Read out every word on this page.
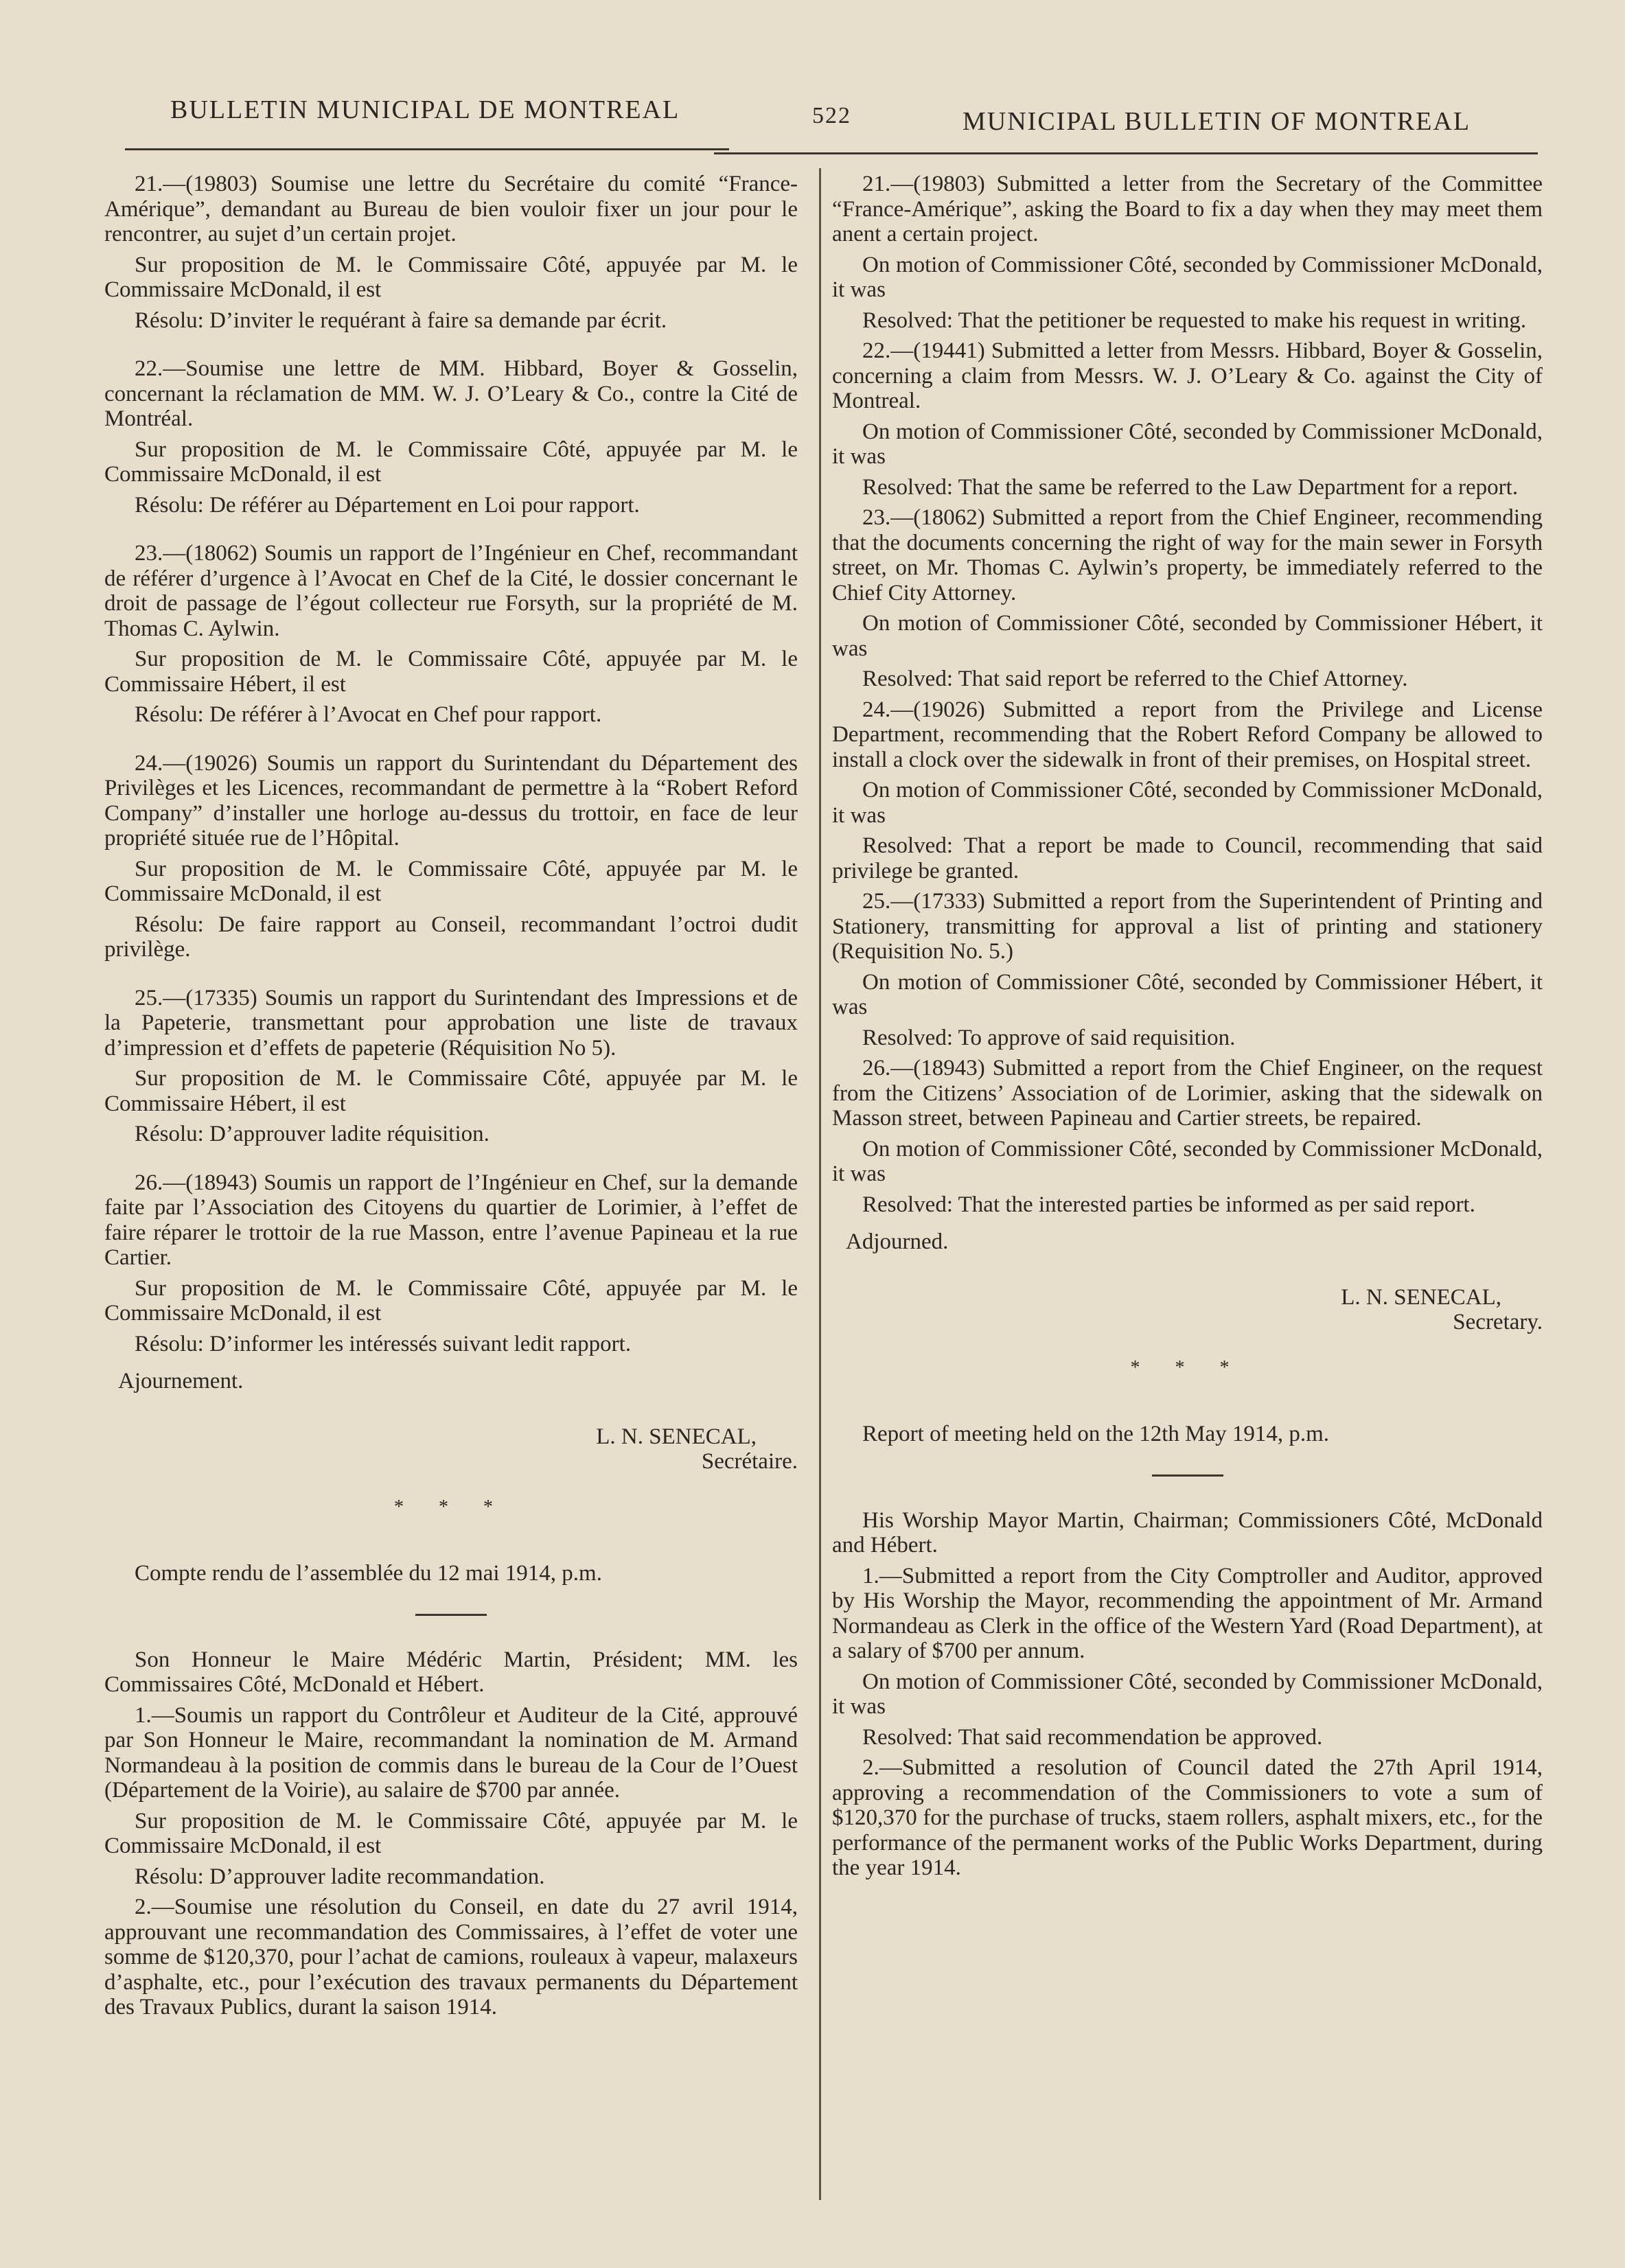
BULLETIN MUNICIPAL DE MONTREAL	522	MUNICIPAL BULLETIN OF MONTREAL

21.—(19803) Soumise une lettre du Secrétaire du comité “France-Amérique”, demandant au Bureau de bien vouloir fixer un jour pour le rencontrer, au sujet d’un certain projet.

Sur proposition de M. le Commissaire Côté, appuyée par M. le Commissaire McDonald, il est

Résolu: D’inviter le requérant à faire sa demande par écrit.

22.—Soumise une lettre de MM. Hibbard, Boyer & Gosselin, concernant la réclamation de MM. W. J. O’Leary & Co., contre la Cité de Montréal.

Sur proposition de M. le Commissaire Côté, appuyée par M. le Commissaire McDonald, il est

Résolu: De référer au Département en Loi pour rapport.

23.—(18062) Soumis un rapport de l’Ingénieur en Chef, recommandant de référer d’urgence à l’Avocat en Chef de la Cité, le dossier concernant le droit de passage de l’égout collecteur rue Forsyth, sur la propriété de M. Thomas C. Aylwin.

Sur proposition de M. le Commissaire Côté, appuyée par M. le Commissaire Hébert, il est

Résolu: De référer à l’Avocat en Chef pour rapport.

24.—(19026) Soumis un rapport du Surintendant du Département des Privilèges et les Licences, recommandant de permettre à la “Robert Reford Company” d’installer une horloge au-dessus du trottoir, en face de leur propriété située rue de l’Hôpital.

Sur proposition de M. le Commissaire Côté, appuyée par M. le Commissaire McDonald, il est

Résolu: De faire rapport au Conseil, recommandant l’octroi dudit privilège.

25.—(17335) Soumis un rapport du Surintendant des Impressions et de la Papeterie, transmettant pour approbation une liste de travaux d’impression et d’effets de papeterie (Réquisition No 5).

Sur proposition de M. le Commissaire Côté, appuyée par M. le Commissaire Hébert, il est

Résolu: D’approuver ladite réquisition.

26.—(18943) Soumis un rapport de l’Ingénieur en Chef, sur la demande faite par l’Association des Citoyens du quartier de Lorimier, à l’effet de faire réparer le trottoir de la rue Masson, entre l’avenue Papineau et la rue Cartier.

Sur proposition de M. le Commissaire Côté, appuyée par M. le Commissaire McDonald, il est

Résolu: D’informer les intéressés suivant ledit rapport.

Ajournement.

L. N. SENECAL,

Secrétaire.

* * *

Compte rendu de l’assemblée du 12 mai 1914, p.m.

Son Honneur le Maire Médéric Martin, Président; MM. les Commissaires Côté, McDonald et Hébert.

1.—Soumis un rapport du Contrôleur et Auditeur de la Cité, approuvé par Son Honneur le Maire, recommandant la nomination de M. Armand Normandeau à la position de commis dans le bureau de la Cour de l’Ouest (Département de la Voirie), au salaire de $700 par année.

Sur proposition de M. le Commissaire Côté, appuyée par M. le Commissaire McDonald, il est

Résolu: D’approuver ladite recommandation.

2.—Soumise une résolution du Conseil, en date du 27 avril 1914, approuvant une recommandation des Commissaires, à l’effet de voter une somme de $120,370, pour l’achat de camions, rouleaux à vapeur, malaxeurs d’asphalte, etc., pour l’exécution des travaux permanents du Département des Travaux Publics, durant la saison 1914.

21.—(19803) Submitted a letter from the Secretary of the Committee “France-Amérique”, asking the Board to fix a day when they may meet them anent a certain project.

On motion of Commissioner Côté, seconded by Commissioner McDonald, it was

Resolved: That the petitioner be requested to make his request in writing.

22.—(19441) Submitted a letter from Messrs. Hibbard, Boyer & Gosselin, concerning a claim from Messrs. W. J. O’Leary & Co. against the City of Montreal.

On motion of Commissioner Côté, seconded by Commissioner McDonald, it was

Resolved: That the same be referred to the Law Department for a report.

23.—(18062) Submitted a report from the Chief Engineer, recommending that the documents concerning the right of way for the main sewer in Forsyth street, on Mr. Thomas C. Aylwin’s property, be immediately referred to the Chief City Attorney.

On motion of Commissioner Côté, seconded by Commissioner Hébert, it was

Resolved: That said report be referred to the Chief Attorney.

24.—(19026) Submitted a report from the Privilege and License Department, recommending that the Robert Reford Company be allowed to install a clock over the sidewalk in front of their premises, on Hospital street.

On motion of Commissioner Côté, seconded by Commissioner McDonald, it was

Resolved: That a report be made to Council, recommending that said privilege be granted.

25.—(17333) Submitted a report from the Superintendent of Printing and Stationery, transmitting for approval a list of printing and stationery (Requisition No. 5.)

On motion of Commissioner Côté, seconded by Commissioner Hébert, it was

Resolved: To approve of said requisition.

26.—(18943) Submitted a report from the Chief Engineer, on the request from the Citizens’ Association of de Lorimier, asking that the sidewalk on Masson street, between Papineau and Cartier streets, be repaired.

On motion of Commissioner Côté, seconded by Commissioner McDonald, it was

Resolved: That the interested parties be informed as per said report.

Adjourned.

L. N. SENECAL,

Secretary.

* * *

Report of meeting held on the 12th May 1914, p.m.

His Worship Mayor Martin, Chairman; Commissioners Côté, McDonald and Hébert.

1.—Submitted a report from the City Comptroller and Auditor, approved by His Worship the Mayor, recommending the appointment of Mr. Armand Normandeau as Clerk in the office of the Western Yard (Road Department), at a salary of $700 per annum.

On motion of Commissioner Côté, seconded by Commissioner McDonald, it was

Resolved: That said recommendation be approved.

2.—Submitted a resolution of Council dated the 27th April 1914, approving a recommendation of the Commissioners to vote a sum of $120,370 for the purchase of trucks, staem rollers, asphalt mixers, etc., for the performance of the permanent works of the Public Works Department, during the year 1914.
